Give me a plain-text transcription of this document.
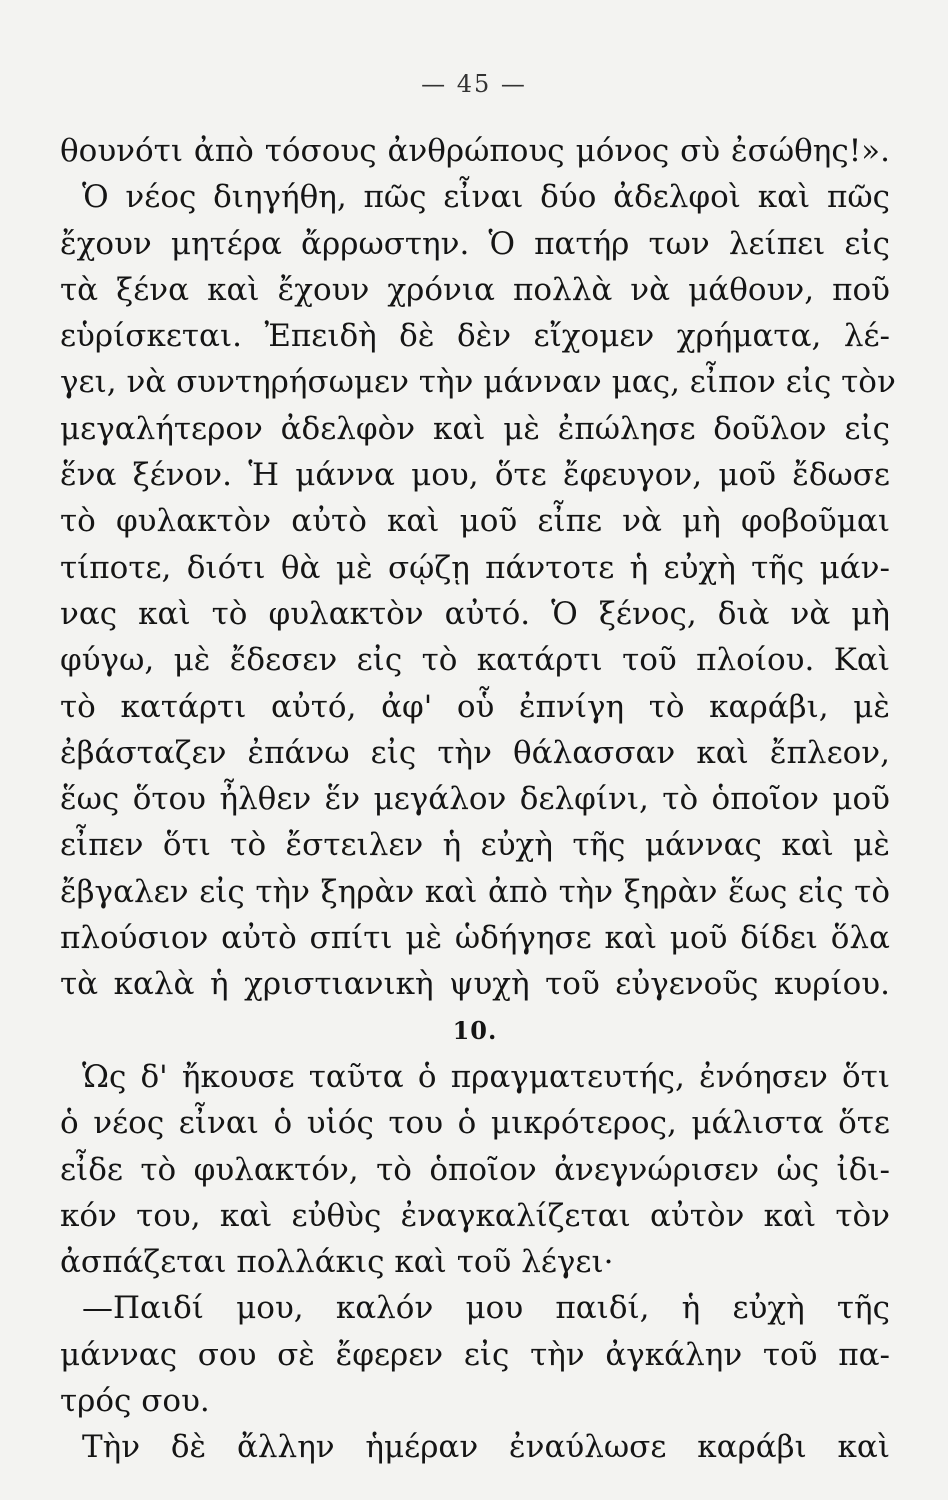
— 45 —
θουνότι ἀπὸ τόσους ἀνθρώπους μόνος σὺ ἐσώθης!».
Ὁ νέος διηγήθη, πῶς εἶναι δύο ἀδελφοὶ καὶ πῶς
ἔχουν μητέρα ἄρρωστην. Ὁ πατήρ των λείπει εἰς
τὰ ξένα καὶ ἔχουν χρόνια πολλὰ νὰ μάθουν, ποῦ
εὑρίσκεται. Ἐπειδὴ δὲ δὲν εἴχομεν χρήματα, λέ-
γει, νὰ συντηρήσωμεν τὴν μάνναν μας, εἶπον εἰς τὸν
μεγαλήτερον ἀδελφὸν καὶ μὲ ἐπώλησε δοῦλον εἰς
ἕνα ξένον. Ἡ μάννα μου, ὅτε ἔφευγον, μοῦ ἔδωσε
τὸ φυλακτὸν αὐτὸ καὶ μοῦ εἶπε νὰ μὴ φοβοῦμαι
τίποτε, διότι θὰ μὲ σῴζῃ πάντοτε ἡ εὐχὴ τῆς μάν-
νας καὶ τὸ φυλακτὸν αὐτό. Ὁ ξένος, διὰ νὰ μὴ
φύγω, μὲ ἔδεσεν εἰς τὸ κατάρτι τοῦ πλοίου. Καὶ
τὸ κατάρτι αὐτό, ἀφ' οὗ ἐπνίγη τὸ καράβι, μὲ
ἐβάσταζεν ἐπάνω εἰς τὴν θάλασσαν καὶ ἔπλεον,
ἕως ὅτου ἦλθεν ἕν μεγάλον δελφίνι, τὸ ὁποῖον μοῦ
εἶπεν ὅτι τὸ ἔστειλεν ἡ εὐχὴ τῆς μάννας καὶ μὲ
ἔβγαλεν εἰς τὴν ξηρὰν καὶ ἀπὸ τὴν ξηρὰν ἕως εἰς τὸ
πλούσιον αὐτὸ σπίτι μὲ ὡδήγησε καὶ μοῦ δίδει ὅλα
τὰ καλὰ ἡ χριστιανικὴ ψυχὴ τοῦ εὐγενοῦς κυρίου.
10.
Ὡς δ' ἤκουσε ταῦτα ὁ πραγματευτής, ἐνόησεν ὅτι
ὁ νέος εἶναι ὁ υἱός του ὁ μικρότερος, μάλιστα ὅτε
εἶδε τὸ φυλακτόν, τὸ ὁποῖον ἀνεγνώρισεν ὡς ἰδι-
κόν του, καὶ εὐθὺς ἐναγκαλίζεται αὐτὸν καὶ τὸν
ἀσπάζεται πολλάκις καὶ τοῦ λέγει·
—Παιδί μου, καλόν μου παιδί, ἡ εὐχὴ τῆς
μάννας σου σὲ ἔφερεν εἰς τὴν ἀγκάλην τοῦ πα-
τρός σου.
Τὴν δὲ ἄλλην ἡμέραν ἐναύλωσε καράβι καὶ
